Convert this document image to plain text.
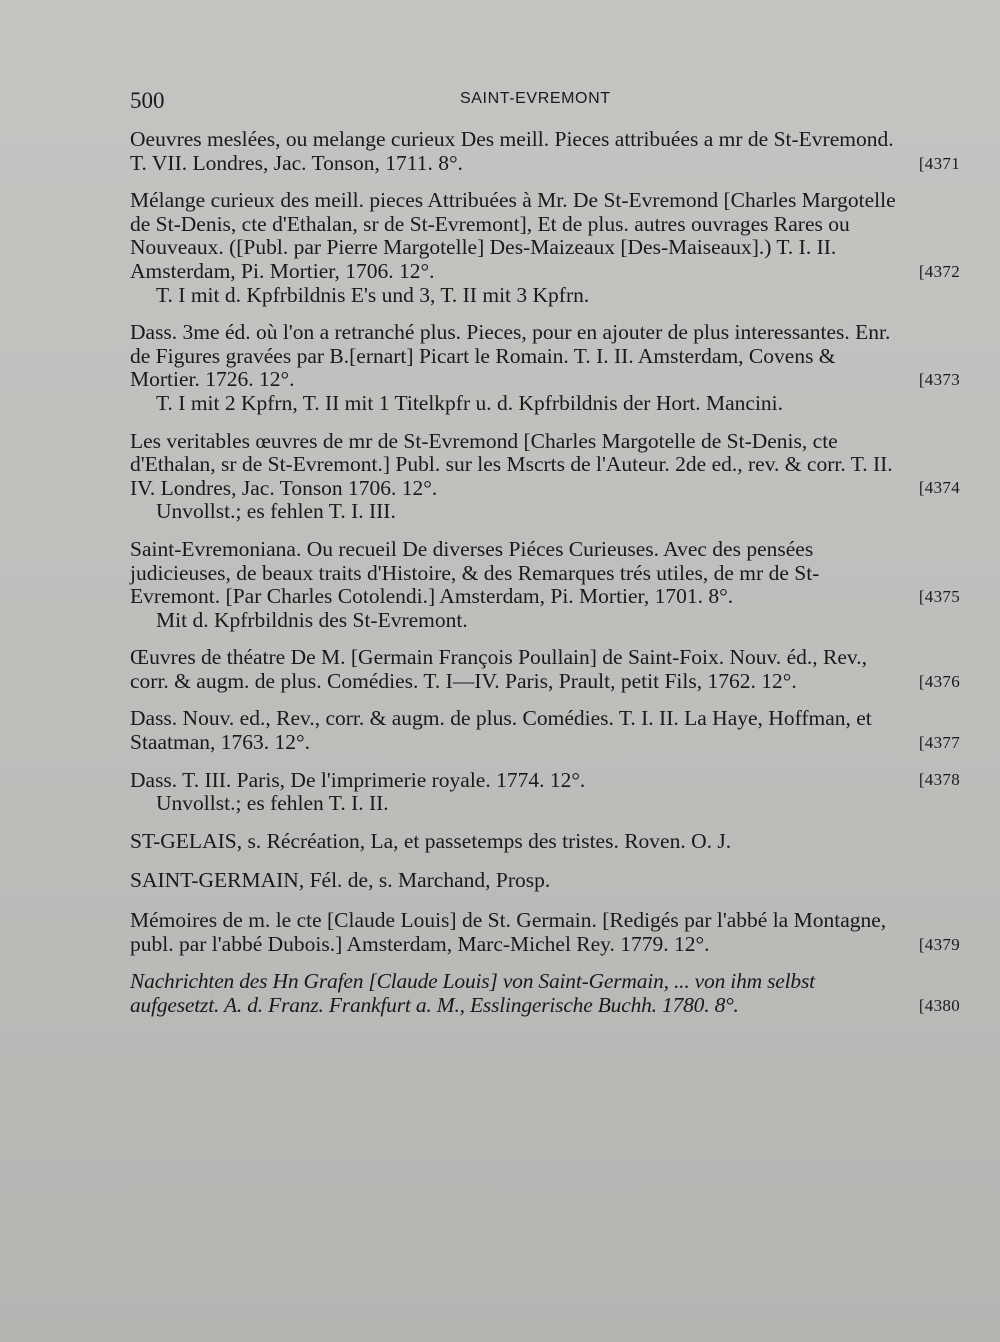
500	SAINT-EVREMONT

Oeuvres meslées, ou melange curieux Des meill. Pieces attribuées a mr de St-Evremond. T. VII. Londres, Jac. Tonson, 1711. 8°.	[4371

Mélange curieux des meill. pieces Attribuées à Mr. De St-Evremond [Charles Margotelle de St-Denis, cte d'Ethalan, sr de St-Evremont], Et de plus. autres ouvrages Rares ou Nouveaux. ([Publ. par Pierre Margotelle] Des-Maizeaux [Des-Maiseaux].) T. I. II. Amsterdam, Pi. Mortier, 1706. 12°.	[4372

T. I mit d. Kpfrbildnis E's und 3, T. II mit 3 Kpfrn.

Dass. 3me éd. où l'on a retranché plus. Pieces, pour en ajouter de plus interessantes. Enr. de Figures gravées par B.[ernart] Picart le Romain. T. I. II. Amsterdam, Covens & Mortier. 1726. 12°.	[4373

T. I mit 2 Kpfrn, T. II mit 1 Titelkpfr u. d. Kpfrbildnis der Hort. Mancini.

Les veritables œuvres de mr de St-Evremond [Charles Margotelle de St-Denis, cte d'Ethalan, sr de St-Evremont.] Publ. sur les Mscrts de l'Auteur. 2de ed., rev. & corr. T. II. IV. Londres, Jac. Tonson 1706. 12°.	[4374

Unvollst.; es fehlen T. I. III.

Saint-Evremoniana. Ou recueil De diverses Piéces Curieuses. Avec des pensées judicieuses, de beaux traits d'Histoire, & des Remarques trés utiles, de mr de St-Evremont. [Par Charles Cotolendi.] Amsterdam, Pi. Mortier, 1701. 8°.	[4375

Mit d. Kpfrbildnis des St-Evremont.

Œuvres de théatre De M. [Germain François Poullain] de Saint-Foix. Nouv. éd., Rev., corr. & augm. de plus. Comédies. T. I—IV. Paris, Prault, petit Fils, 1762. 12°.	[4376

Dass. Nouv. ed., Rev., corr. & augm. de plus. Comédies. T. I. II. La Haye, Hoffman, et Staatman, 1763. 12°.	[4377

Dass. T. III. Paris, De l'imprimerie royale. 1774. 12°.	[4378

Unvollst.; es fehlen T. I. II.

ST-GELAIS, s. Récréation, La, et passetemps des tristes. Roven. O. J.

SAINT-GERMAIN, Fél. de, s. Marchand, Prosp.

Mémoires de m. le cte [Claude Louis] de St. Germain. [Redigés par l'abbé la Montagne, publ. par l'abbé Dubois.] Amsterdam, Marc-Michel Rey. 1779. 12°.	[4379

Nachrichten des Hn Grafen [Claude Louis] von Saint-Germain, ... von ihm selbst aufgesetzt. A. d. Franz. Frankfurt a. M., Esslingerische Buchh. 1780. 8°.	[4380
